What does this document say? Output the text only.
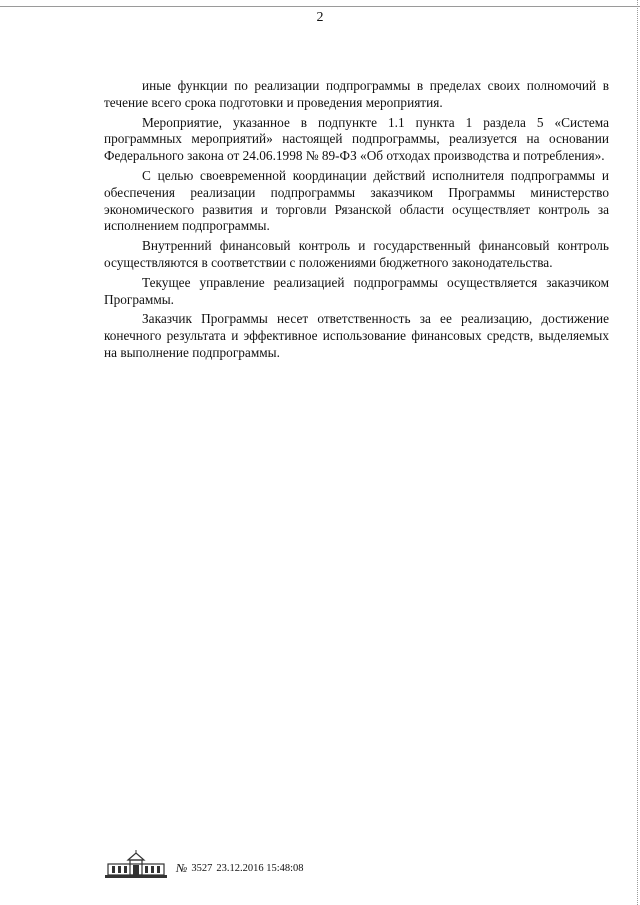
2

иные функции по реализации подпрограммы в пределах своих полномочий в течение всего срока подготовки и проведения мероприятия.

Мероприятие, указанное в подпункте 1.1 пункта 1 раздела 5 «Система программных мероприятий» настоящей подпрограммы, реализуется на основании Федерального закона от 24.06.1998 № 89-ФЗ «Об отходах производства и потребления».

С целью своевременной координации действий исполнителя подпрограммы и обеспечения реализации подпрограммы заказчиком Программы министерство экономического развития и торговли Рязанской области осуществляет контроль за исполнением подпрограммы.

Внутренний финансовый контроль и государственный финансовый контроль осуществляются в соответствии с положениями бюджетного законодательства.

Текущее управление реализацией подпрограммы осуществляется заказчиком Программы.

Заказчик Программы несет ответственность за ее реализацию, достижение конечного результата и эффективное использование финансовых средств, выделяемых на выполнение подпрограммы.

№ 3527 23.12.2016 15:48:08
